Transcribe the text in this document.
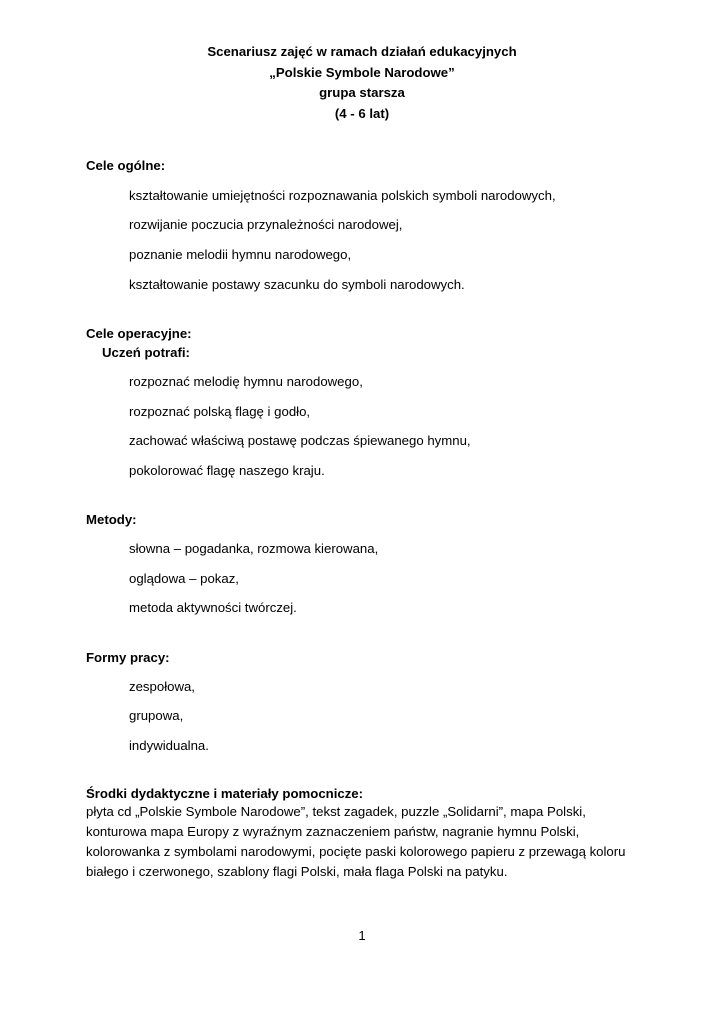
Scenariusz zajęć w ramach działań edukacyjnych
„Polskie Symbole Narodowe”
grupa starsza
(4 - 6 lat)
Cele ogólne:
kształtowanie umiejętności rozpoznawania polskich symboli narodowych,
rozwijanie poczucia przynależności narodowej,
poznanie melodii hymnu narodowego,
kształtowanie postawy szacunku do symboli narodowych.
Cele operacyjne:
Uczeń potrafi:
rozpoznać melodię hymnu narodowego,
rozpoznać polską flagę i godło,
zachować właściwą postawę podczas śpiewanego hymnu,
pokolorować flagę naszego kraju.
Metody:
słowna – pogadanka, rozmowa kierowana,
oglądowa – pokaz,
metoda aktywności twórczej.
Formy pracy:
zespołowa,
grupowa,
indywidualna.
Środki dydaktyczne i materiały pomocnicze:
płyta cd „Polskie Symbole Narodowe”, tekst zagadek, puzzle „Solidarni”, mapa Polski,
konturowa mapa Europy z wyraźnym zaznaczeniem państw, nagranie hymnu Polski,
kolorowanka z symbolami narodowymi, pocięte paski kolorowego papieru z przewagą koloru
białego i czerwonego, szablony flagi Polski, mała flaga Polski na patyku.
1
